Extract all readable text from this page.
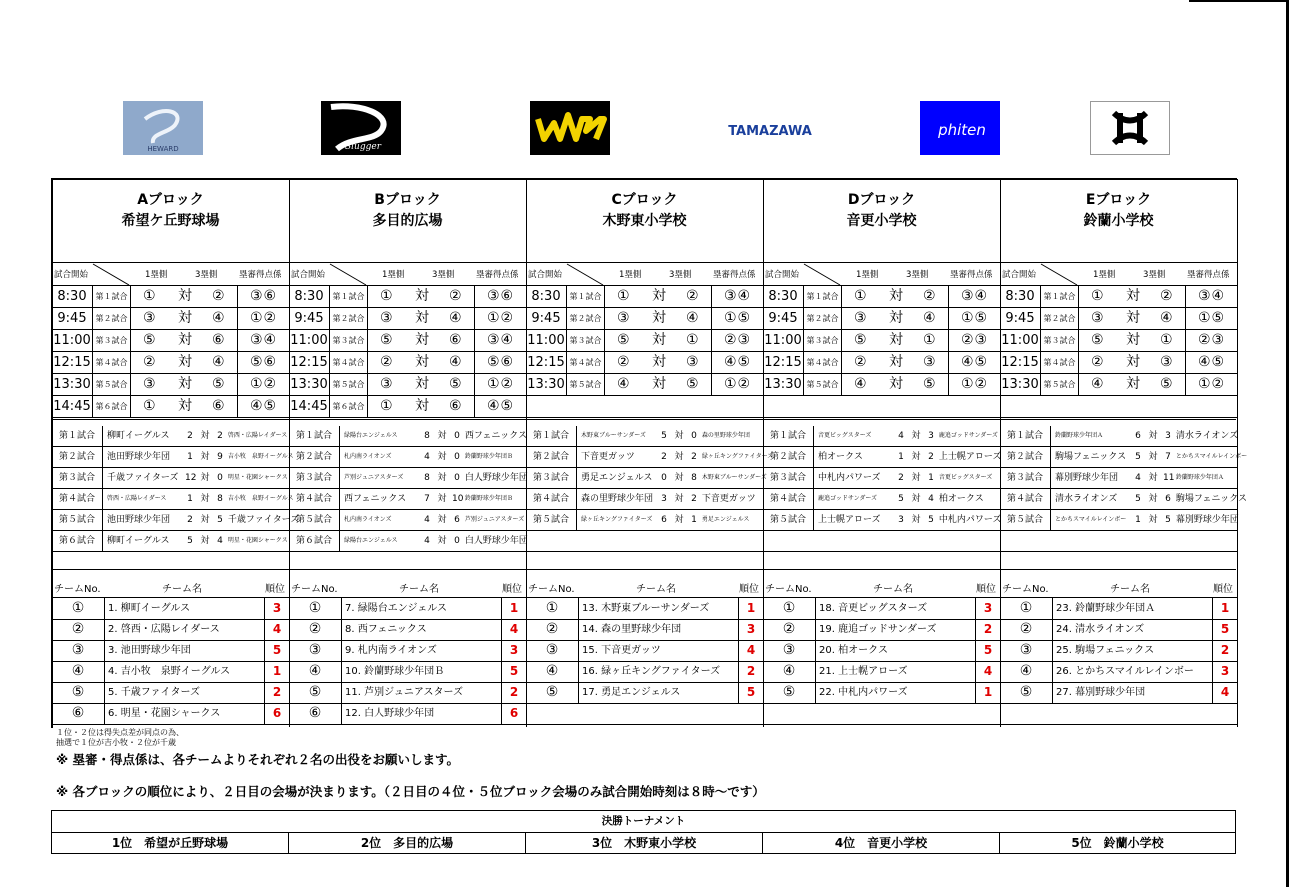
HEWARD	Slugger
TAMAZAWA	phiten
Aブロック
希望ケ丘野球場
試合開始	1塁側	3塁側	塁審得点係
8:30	第１試合 ① 対 ②	③⑥
9:45	第２試合 ③ 対 ④	①②
11:00 第３試合 ⑤ 対 ⑥	③④
12:15 第４試合 ② 対 ④	⑤⑥
13:30 第５試合 ③ 対 ⑤	①②
14:45 第６試合 ① 対 ⑥	④⑤
第１試合	柳町イーグルス 2 対 2 啓西・広陽レイダース
第２試合	池田野球少年団 1 対 9 吉小牧　泉野イーグルス
第３試合	千歳ファイターズ 12 対 0 明星・花園シャークス
第４試合	啓西・広陽レイダース 1 対 8 吉小牧　泉野イーグルス
第５試合	池田野球少年団 2 対 5 千歳ファイターズ
第６試合	柳町イーグルス 5 対 4 明星・花園シャークス
チームNo.	チーム名	順位
①	1. 柳町イーグルス	3
②	2. 啓西・広陽レイダース	4
③	3. 池田野球少年団	5
④	4. 吉小牧　泉野イーグルス	1
⑤	5. 千歳ファイターズ	2
⑥	6. 明星・花園シャークス	6
Bブロック
多目的広場
試合開始	1塁側	3塁側	塁審得点係
8:30	第１試合 ① 対 ②	③⑥
9:45	第２試合 ③ 対 ④	①②
11:00 第３試合 ⑤ 対 ⑥	③④
12:15 第４試合 ② 対 ④	⑤⑥
13:30 第５試合 ③ 対 ⑤	①②
14:45 第６試合 ① 対 ⑥	④⑤
第１試合	緑陽台エンジェルス	8 対 0 西フェニックス
第２試合	札内南ライオンズ	4 対 0 鈴蘭野球少年団Ｂ
第３試合	芦別ジュニアスターズ 8 対 0 白人野球少年団
第４試合	西フェニックス 7 対 10 鈴蘭野球少年団Ｂ
第５試合	札内南ライオンズ	4 対 6 芦別ジュニアスターズ
第６試合	緑陽台エンジェルス	4 対 0 白人野球少年団
チームNo.	チーム名	順位
①	7. 緑陽台エンジェルス	1
②	8. 西フェニックス	4
③	9. 札内南ライオンズ	3
④	10. 鈴蘭野球少年団Ｂ	5
⑤	11. 芦別ジュニアスターズ	2
⑥	12. 白人野球少年団	6
Cブロック
木野東小学校
試合開始	1塁側	3塁側	塁審得点係
8:30	第１試合 ① 対 ②	③④
9:45	第２試合 ③ 対 ④	①⑤
11:00 第３試合 ⑤ 対 ①	②③
12:15 第４試合 ② 対 ③	④⑤
13:30 第５試合 ④ 対 ⑤	①②
第１試合	木野東ブルーサンダーズ 5 対 0 森の里野球少年団
第２試合	下音更ガッツ	2 対 2 緑ヶ丘キングファイターズ
第３試合	勇足エンジェルス 0 対 8 木野東ブルーサンダーズ
第４試合	森の里野球少年団 3 対 2 下音更ガッツ
第５試合	緑ヶ丘キングファイターズ 6 対 1 勇足エンジェルス
チームNo.	チーム名	順位
①	13. 木野東ブルーサンダーズ	1
②	14. 森の里野球少年団	3
③	15. 下音更ガッツ	4
④	16. 緑ヶ丘キングファイターズ	2
⑤	17. 勇足エンジェルス	5
Dブロック
音更小学校
試合開始	1塁側	3塁側	塁審得点係
8:30	第１試合 ① 対 ②	③④
9:45	第２試合 ③ 対 ④	①⑤
11:00 第３試合 ⑤ 対 ①	②③
12:15 第４試合 ② 対 ③	④⑤
13:30 第５試合 ④ 対 ⑤	①②
第１試合	音更ビッグスターズ	4 対 3 鹿追ゴッドサンダーズ
第２試合	柏オークス	1 対 2 上士幌アローズ
第３試合	中札内パワーズ 2 対 1 音更ビッグスターズ
第４試合	鹿追ゴッドサンダーズ 5 対 4 柏オークス
第５試合	上士幌アローズ 3 対 5 中札内パワーズ
チームNo.	チーム名	順位
①	18. 音更ビッグスターズ	3
②	19. 鹿追ゴッドサンダーズ	2
③	20. 柏オークス	5
④	21. 上士幌アローズ	4
⑤	22. 中札内パワーズ	1
Eブロック
鈴蘭小学校
試合開始	1塁側	3塁側	塁審得点係
8:30	第１試合 ① 対 ②	③④
9:45	第２試合 ③ 対 ④	①⑤
11:00 第３試合 ⑤ 対 ①	②③
12:15 第４試合 ② 対 ③	④⑤
13:30 第５試合 ④ 対 ⑤	①②
第１試合	鈴蘭野球少年団Ａ	6 対 3 清水ライオンズ
第２試合	駒場フェニックス 5 対 7 とかちスマイルレインボー
第３試合	幕別野球少年団 4 対 11 鈴蘭野球少年団Ａ
第４試合	清水ライオンズ 5 対 6 駒場フェニックス
第５試合	とかちスマイルレインボー 1 対 5 幕別野球少年団
チームNo.	チーム名	順位
①	23. 鈴蘭野球少年団Ａ	1
②	24. 清水ライオンズ	5
③	25. 駒場フェニックス	2
④	26. とかちスマイルレインボー	3
⑤	27. 幕別野球少年団	4
１位・２位は得失点差が同点の為、
抽選で１位が吉小牧・２位が千歳
※ 塁審・得点係は、各チームよりそれぞれ２名の出役をお願いします。
※ 各ブロックの順位により、２日目の会場が決まります。（２日目の４位・５位ブロック会場のみ試合開始時刻は８時～です）
決勝トーナメント
1位　希望が丘野球場	2位　多目的広場	3位　木野東小学校	4位　音更小学校	5位　鈴蘭小学校
